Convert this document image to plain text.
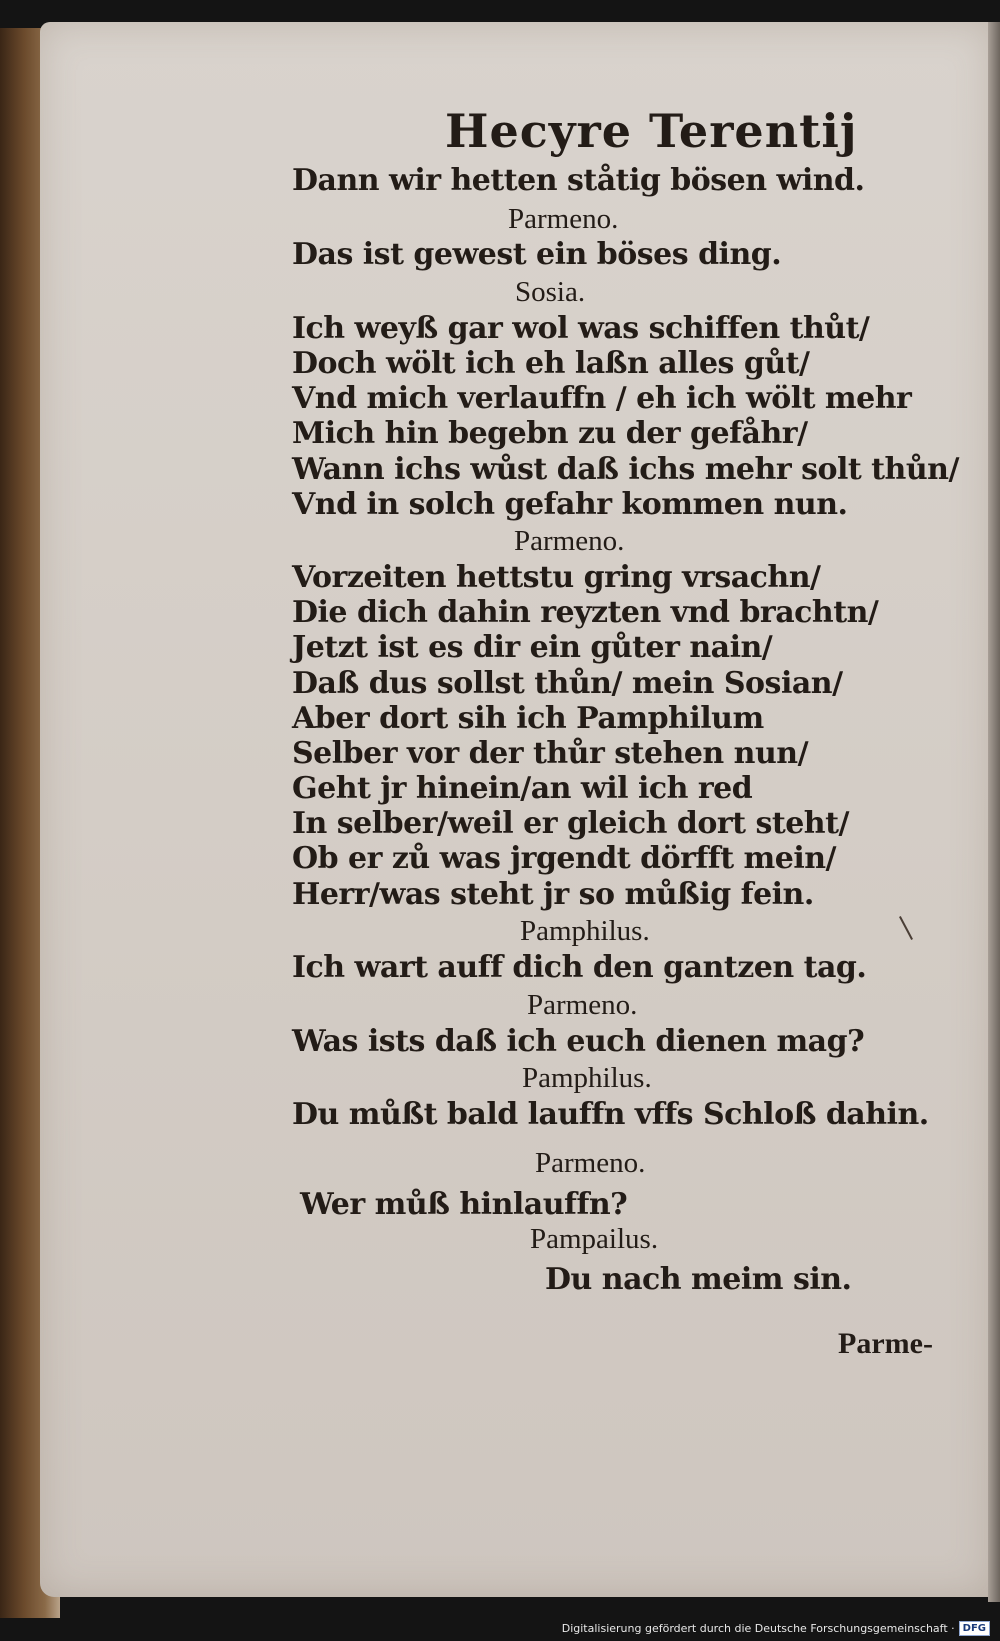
Hecyre Terentij
Dann wir hetten ståtig bösen wind.
Parmeno.
Das ist gewest ein böses ding.
Sosia.
Ich weyß gar wol was schiffen thůt/
Doch wölt ich eh laßn alles gůt/
Vnd mich verlauffn / eh ich wölt mehr
Mich hin begebn zu der gefåhr/
Wann ichs wůst daß ichs mehr solt thůn/
Vnd in solch gefahr kommen nun.
Parmeno.
Vorzeiten hettstu gring vrsachn/
Die dich dahin reyzten vnd brachtn/
Jetzt ist es dir ein gůter nain/
Daß dus sollst thůn/ mein Sosian/
Aber dort sih ich Pamphilum
Selber vor der thůr stehen nun/
Geht jr hinein/an wil ich red
In selber/weil er gleich dort steht/
Ob er zů was jrgendt dörfft mein/
Herr/was steht jr so můßig fein.
Pamphilus.
Ich wart auff dich den gantzen tag.
Parmeno.
Was ists daß ich euch dienen mag?
Pamphilus.
Du můßt bald lauffn vffs Schloß dahin.
Parmeno.
Wer můß hinlauffn?
Pampailus.
Du nach meim sin.
Parme-
Digitalisierung gefördert durch die Deutsche Forschungsgemeinschaft · DFG
